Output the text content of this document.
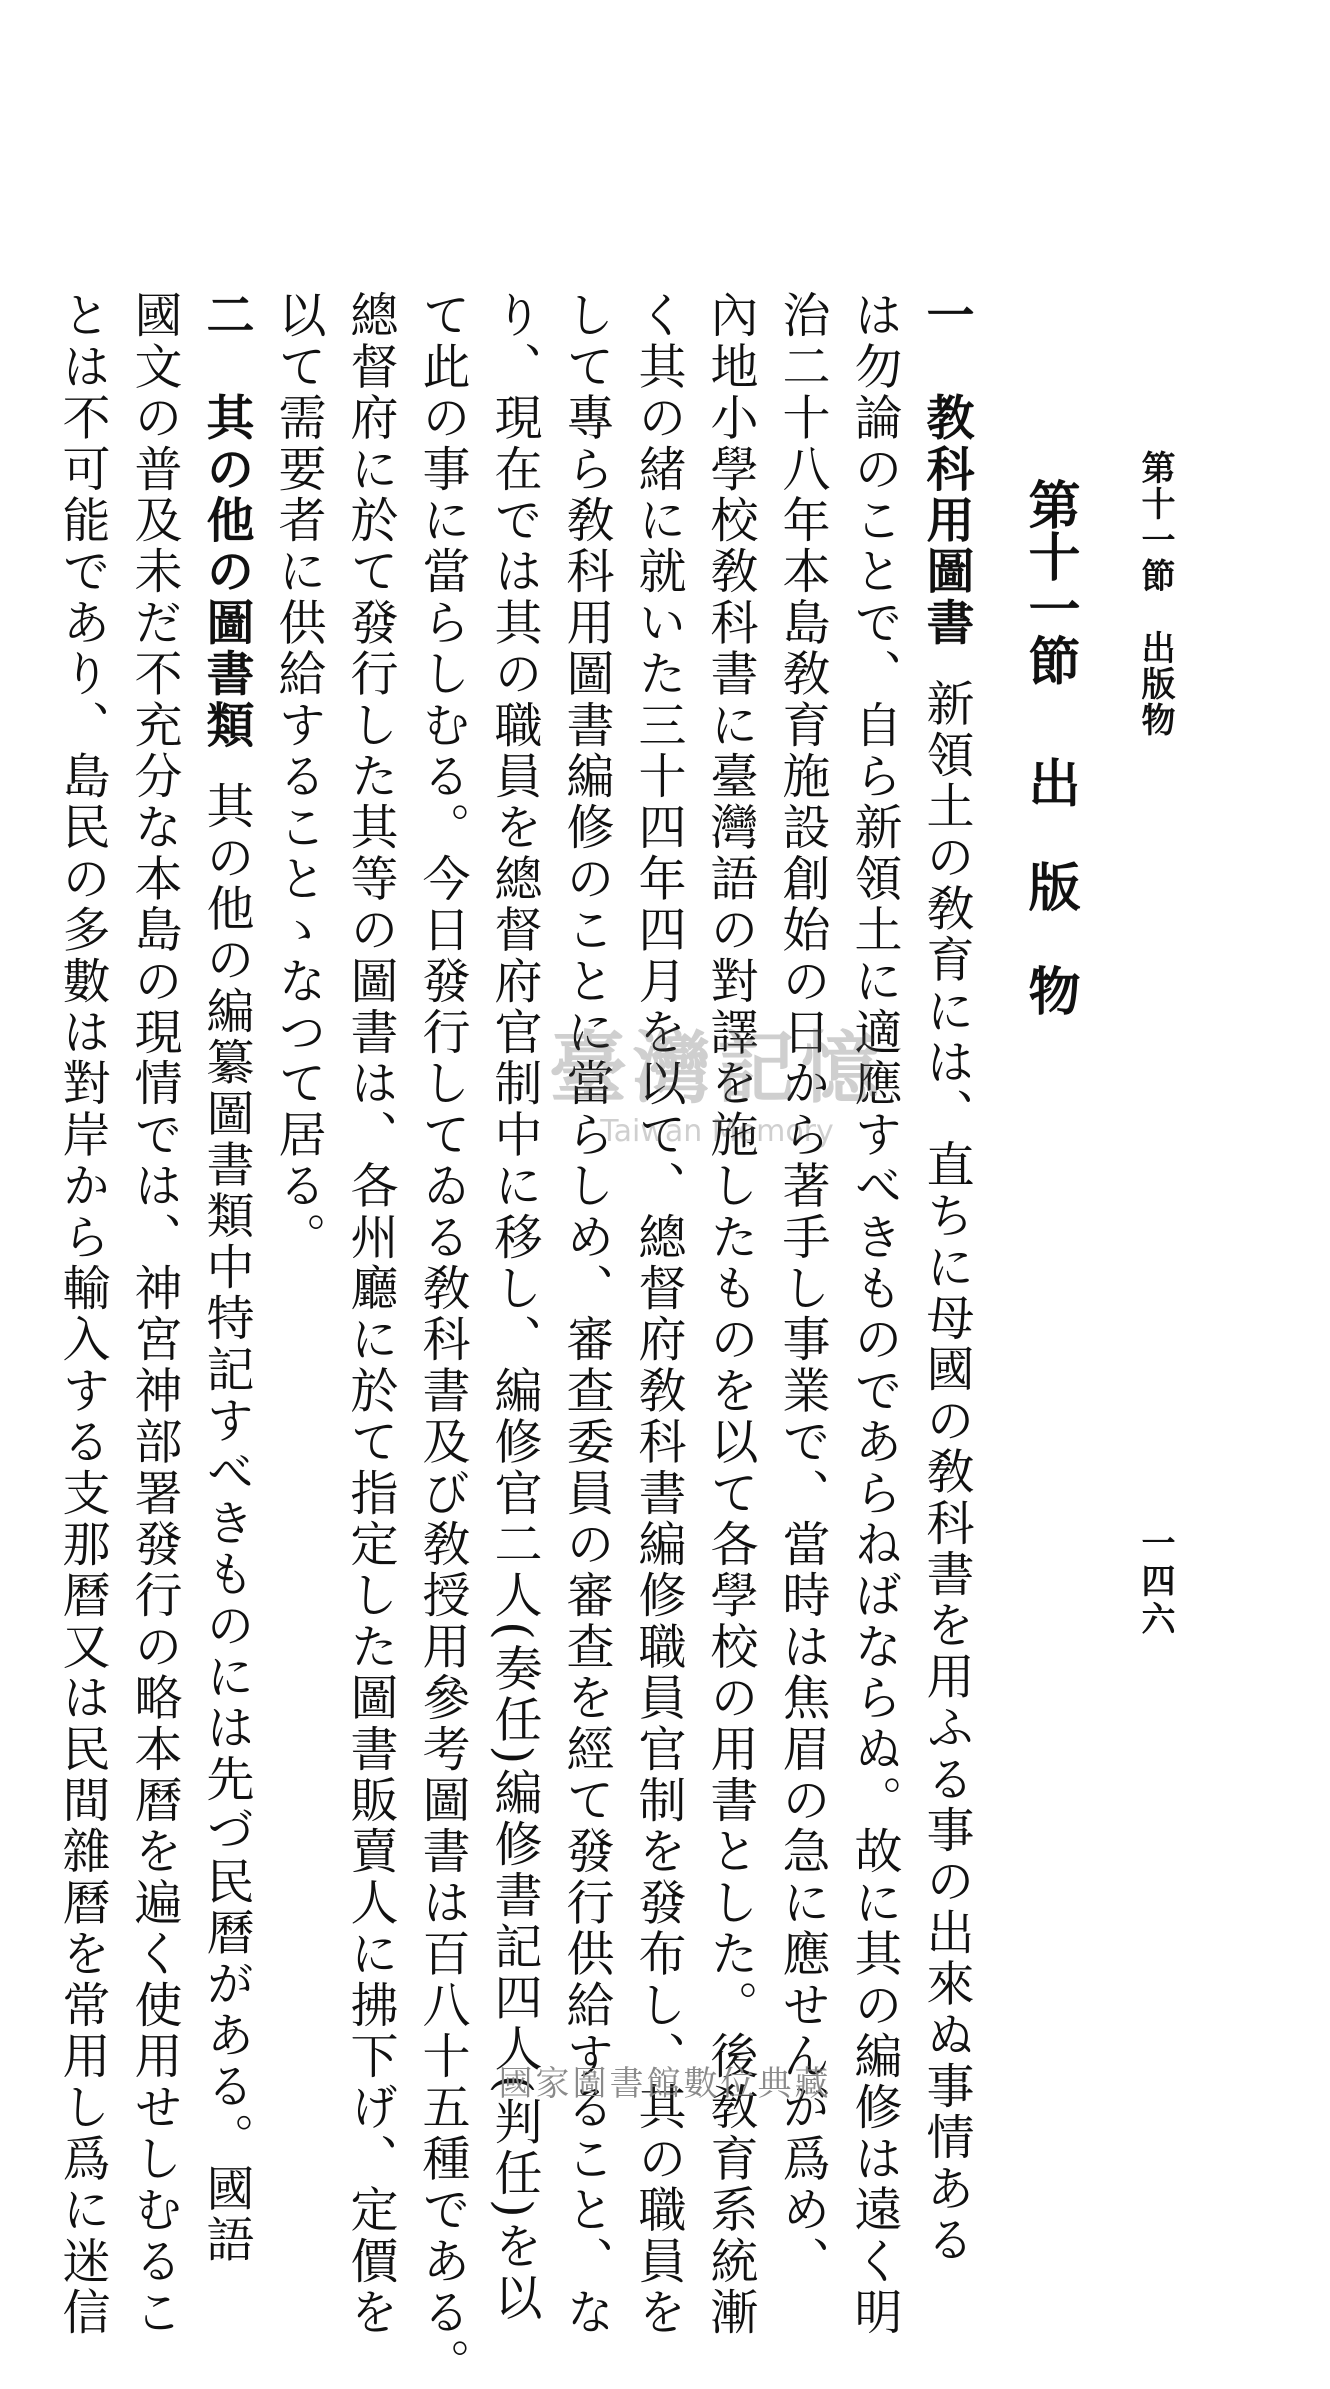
第十一節　出版物
一四六
第十一節出　版　物
一　教科用圖書新領土の敎育には、直ちに母國の敎科書を用ふる事の出來ぬ事情ある
は勿論のことで、自ら新領土に適應すべきものであらねばならぬ。故に其の編修は遠く明
治二十八年本島敎育施設創始の日から著手し事業で、當時は焦眉の急に應せんが爲め、
內地小學校敎科書に臺灣語の對譯を施したものを以て各學校の用書とした。後敎育系統漸
く其の緒に就いた三十四年四月を以て、總督府敎科書編修職員官制を發布し、其の職員を
して專ら敎科用圖書編修のことに當らしめ、審查委員の審查を經て發行供給すること、な
り、現在では其の職員を總督府官制中に移し、編修官二人(奏任)編修書記四人(判任)を以
て此の事に當らしむる。今日發行してゐる敎科書及び敎授用參考圖書は百八十五種である。
總督府に於て發行した其等の圖書は、各州廳に於て指定した圖書販賣人に拂下げ、定價を
以て需要者に供給することゝなつて居る。
二　其の他の圖書類其の他の編纂圖書類中特記すべきものには先づ民曆がある。國語
國文の普及未だ不充分な本島の現情では、神宮神部署發行の略本曆を遍く使用せしむるこ
とは不可能であり、島民の多數は對岸から輸入する支那曆又は民間雜曆を常用し爲に迷信	臺灣記憶
Taiwan Memory
國家圖書館數位典藏
